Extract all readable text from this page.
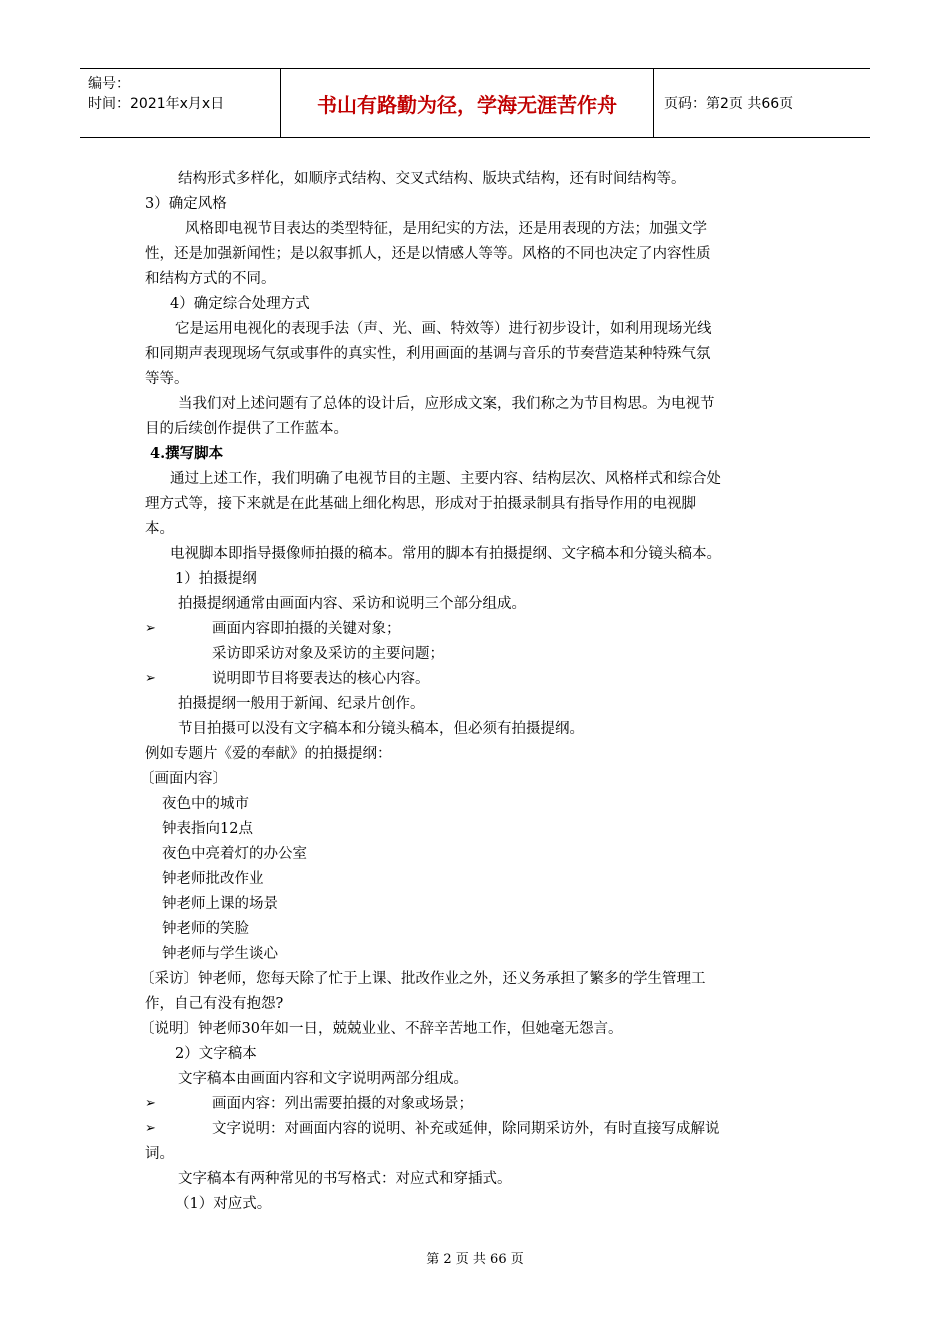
编号：
时间：2021年x月x日	书山有路勤为径，学海无涯苦作舟	页码：第2页 共66页
结构形式多样化，如顺序式结构、交叉式结构、版块式结构，还有时间结构等。
3）确定风格
风格即电视节目表达的类型特征，是用纪实的方法，还是用表现的方法；加强文学
性，还是加强新闻性；是以叙事抓人，还是以情感人等等。风格的不同也决定了内容性质
和结构方式的不同。
4）确定综合处理方式
它是运用电视化的表现手法（声、光、画、特效等）进行初步设计，如利用现场光线
和同期声表现现场气氛或事件的真实性，利用画面的基调与音乐的节奏营造某种特殊气氛
等等。
当我们对上述问题有了总体的设计后，应形成文案，我们称之为节目构思。为电视节
目的后续创作提供了工作蓝本。
4.撰写脚本
通过上述工作，我们明确了电视节目的主题、主要内容、结构层次、风格样式和综合处
理方式等，接下来就是在此基础上细化构思，形成对于拍摄录制具有指导作用的电视脚
本。
电视脚本即指导摄像师拍摄的稿本。常用的脚本有拍摄提纲、文字稿本和分镜头稿本。
1）拍摄提纲
拍摄提纲通常由画面内容、采访和说明三个部分组成。
➢	画面内容即拍摄的关键对象；
采访即采访对象及采访的主要问题；
➢	说明即节目将要表达的核心内容。
拍摄提纲一般用于新闻、纪录片创作。
节目拍摄可以没有文字稿本和分镜头稿本，但必须有拍摄提纲。
例如专题片《爱的奉献》的拍摄提纲：
〔画面内容〕
夜色中的城市
钟表指向12点
夜色中亮着灯的办公室
钟老师批改作业
钟老师上课的场景
钟老师的笑脸
钟老师与学生谈心
〔采访〕钟老师，您每天除了忙于上课、批改作业之外，还义务承担了繁多的学生管理工
作，自己有没有抱怨?
〔说明〕钟老师30年如一日，兢兢业业、不辞辛苦地工作，但她毫无怨言。
2）文字稿本
文字稿本由画面内容和文字说明两部分组成。
➢	画面内容：列出需要拍摄的对象或场景；
➢	文字说明：对画面内容的说明、补充或延伸，除同期采访外，有时直接写成解说
词。
文字稿本有两种常见的书写格式：对应式和穿插式。
（1）对应式。
第 2 页 共 66 页
